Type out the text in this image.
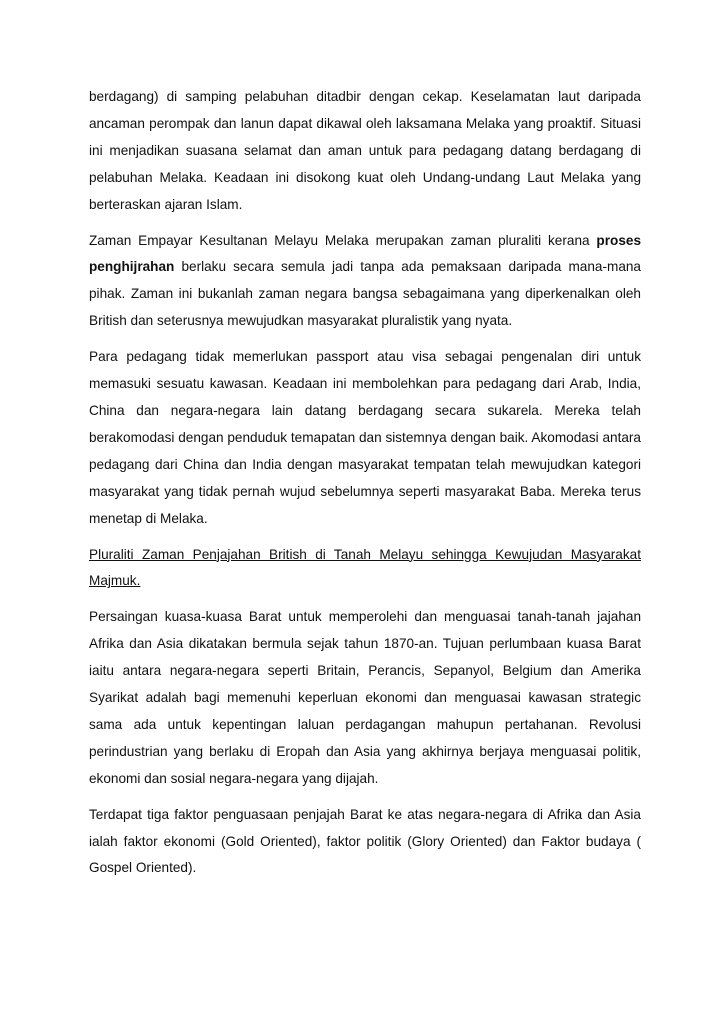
berdagang) di samping pelabuhan ditadbir dengan cekap. Keselamatan laut daripada ancaman perompak dan lanun dapat dikawal oleh laksamana Melaka yang proaktif. Situasi ini menjadikan suasana selamat dan aman untuk para pedagang datang berdagang di pelabuhan Melaka. Keadaan ini disokong kuat oleh Undang-undang Laut Melaka yang berteraskan ajaran Islam.

Zaman Empayar Kesultanan Melayu Melaka merupakan zaman pluraliti kerana proses penghijrahan berlaku secara semula jadi tanpa ada pemaksaan daripada mana-mana pihak. Zaman ini bukanlah zaman negara bangsa sebagaimana yang diperkenalkan oleh British dan seterusnya mewujudkan masyarakat pluralistik yang nyata.

Para pedagang tidak memerlukan passport atau visa sebagai pengenalan diri untuk memasuki sesuatu kawasan. Keadaan ini membolehkan para pedagang dari Arab, India, China dan negara-negara lain datang berdagang secara sukarela. Mereka telah berakomodasi dengan penduduk temapatan dan sistemnya dengan baik. Akomodasi antara pedagang dari China dan India dengan masyarakat tempatan telah mewujudkan kategori masyarakat yang tidak pernah wujud sebelumnya seperti masyarakat Baba. Mereka terus menetap di Melaka.

Pluraliti Zaman Penjajahan British di Tanah Melayu sehingga Kewujudan Masyarakat Majmuk.

Persaingan kuasa-kuasa Barat untuk memperolehi dan menguasai tanah-tanah jajahan Afrika dan Asia dikatakan bermula sejak tahun 1870-an. Tujuan perlumbaan kuasa Barat iaitu antara negara-negara seperti Britain, Perancis, Sepanyol, Belgium dan Amerika Syarikat adalah bagi memenuhi keperluan ekonomi dan menguasai kawasan strategic sama ada untuk kepentingan laluan perdagangan mahupun pertahanan. Revolusi perindustrian yang berlaku di Eropah dan Asia yang akhirnya berjaya menguasai politik, ekonomi dan sosial negara-negara yang dijajah.

Terdapat tiga faktor penguasaan penjajah Barat ke atas negara-negara di Afrika dan Asia ialah faktor ekonomi (Gold Oriented), faktor politik (Glory Oriented) dan Faktor budaya ( Gospel Oriented).
